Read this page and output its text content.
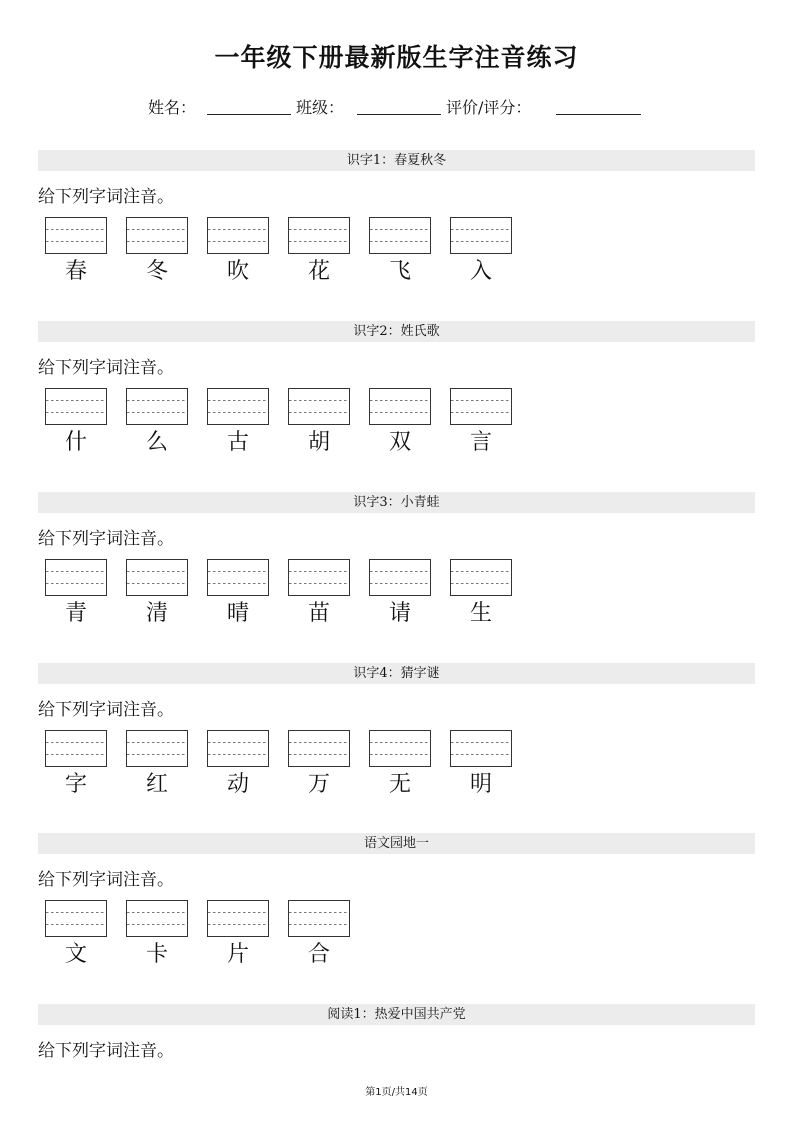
一年级下册最新版生字注音练习
姓名：	班级：	评价/评分：
识字1：春夏秋冬
给下列字词注音。
春	冬	吹	花	飞	入
识字2：姓氏歌
给下列字词注音。
什	么	古	胡	双	言
识字3：小青蛙
给下列字词注音。
青	清	晴	苗	请	生
识字4：猜字谜
给下列字词注音。
字	红	动	万	无	明
语文园地一
给下列字词注音。
文	卡	片	合
阅读1：热爱中国共产党
给下列字词注音。
第1页/共14页
